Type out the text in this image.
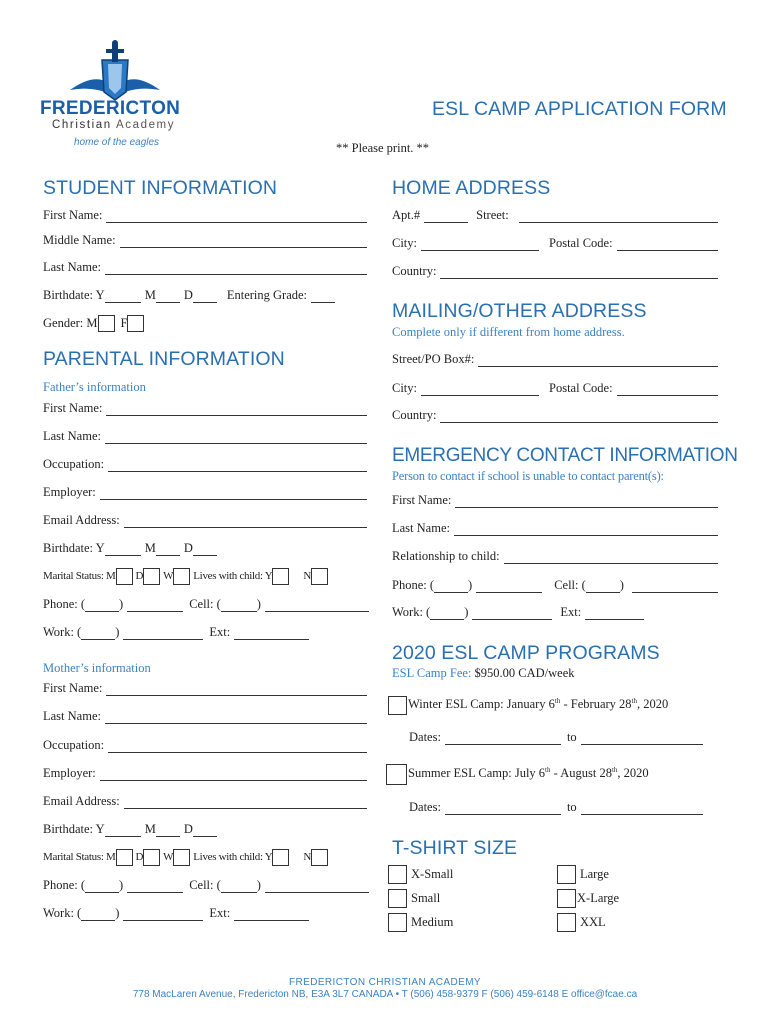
FREDERICTON
Christian Academy
home of the eagles
ESL CAMP APPLICATION FORM
** Please print. **
STUDENT INFORMATION
First Name:
Middle Name:
Last Name:
Birthdate: Y	M D	Entering Grade:
Gender: M F
PARENTAL INFORMATION
Father’s information
First Name:
Last Name:
Occupation:
Employer:
Email Address:
Birthdate: Y	M D
Marital Status: M D W Lives with child: Y	N
Phone: (	)	Cell: (	)
Work: (	)	Ext:
Mother’s information
First Name:
Last Name:
Occupation:
Employer:
Email Address:
Birthdate: Y	M D
Marital Status: M D W Lives with child: Y	N
Phone: (	)	Cell: (	)
Work: (	)	Ext:
HOME ADDRESS
Apt.#	Street:
City:	Postal Code:
Country:
MAILING/OTHER ADDRESS
Complete only if different from home address.
Street/PO Box#:
City:	Postal Code:
Country:
EMERGENCY CONTACT INFORMATION
Person to contact if school is unable to contact parent(s):
First Name:
Last Name:
Relationship to child:
Phone: (	)	Cell: (	)
Work: (	)	Ext:
2020 ESL CAMP PROGRAMS
ESL Camp Fee: $950.00 CAD/week
Winter ESL Camp: January 6th - February 28th, 2020
Dates:	to
Summer ESL Camp: July 6th - August 28th, 2020
Dates:	to
T-SHIRT SIZE
X-Small
Small
Medium
Large
X-Large
XXL
FREDERICTON CHRISTIAN ACADEMY
778 MacLaren Avenue, Fredericton NB, E3A 3L7 CANADA • T (506) 458-9379 F (506) 459-6148 E office@fcae.ca
